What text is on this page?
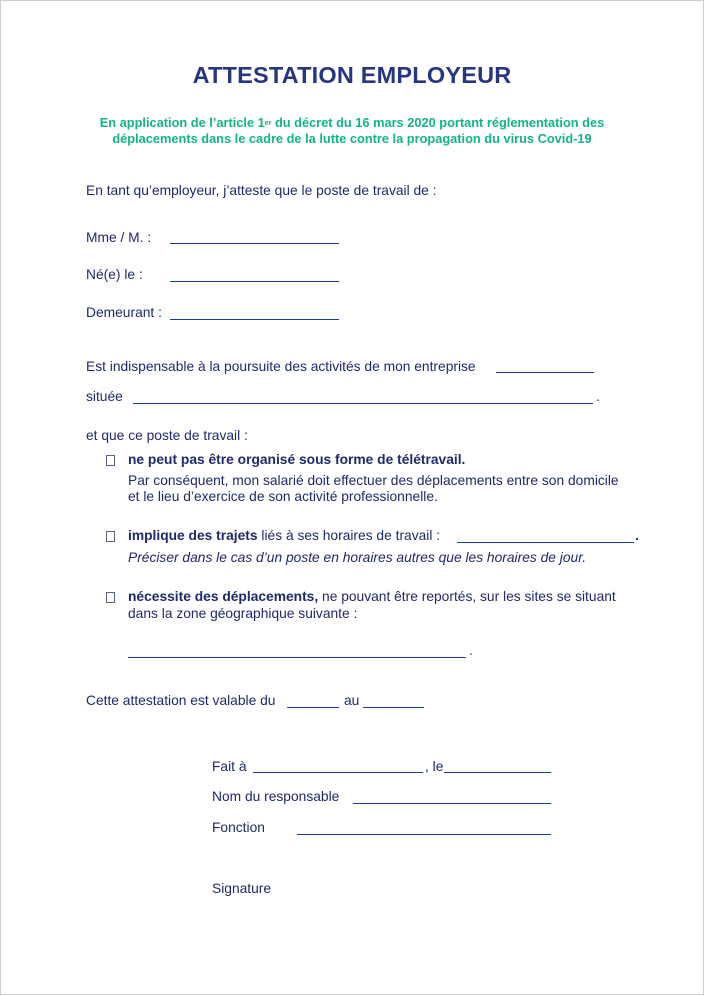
ATTESTATION EMPLOYEUR
En application de l’article 1er du décret du 16 mars 2020 portant réglementation des
déplacements dans le cadre de la lutte contre la propagation du virus Covid-19
En tant qu’employeur, j’atteste que le poste de travail de :
Mme / M. :
Né(e) le :
Demeurant :
Est indispensable à la poursuite des activités de mon entreprise
située	.
et que ce poste de travail :
ne peut pas être organisé sous forme de télétravail.
Par conséquent, mon salarié doit effectuer des déplacements entre son domicile
et le lieu d’exercice de son activité professionnelle.
implique des trajets liés à ses horaires de travail :	.
Préciser dans le cas d’un poste en horaires autres que les horaires de jour.
nécessite des déplacements, ne pouvant être reportés, sur les sites se situant
dans la zone géographique suivante :
.
Cette attestation est valable du	au
Fait à	, le
Nom du responsable
Fonction
Signature
